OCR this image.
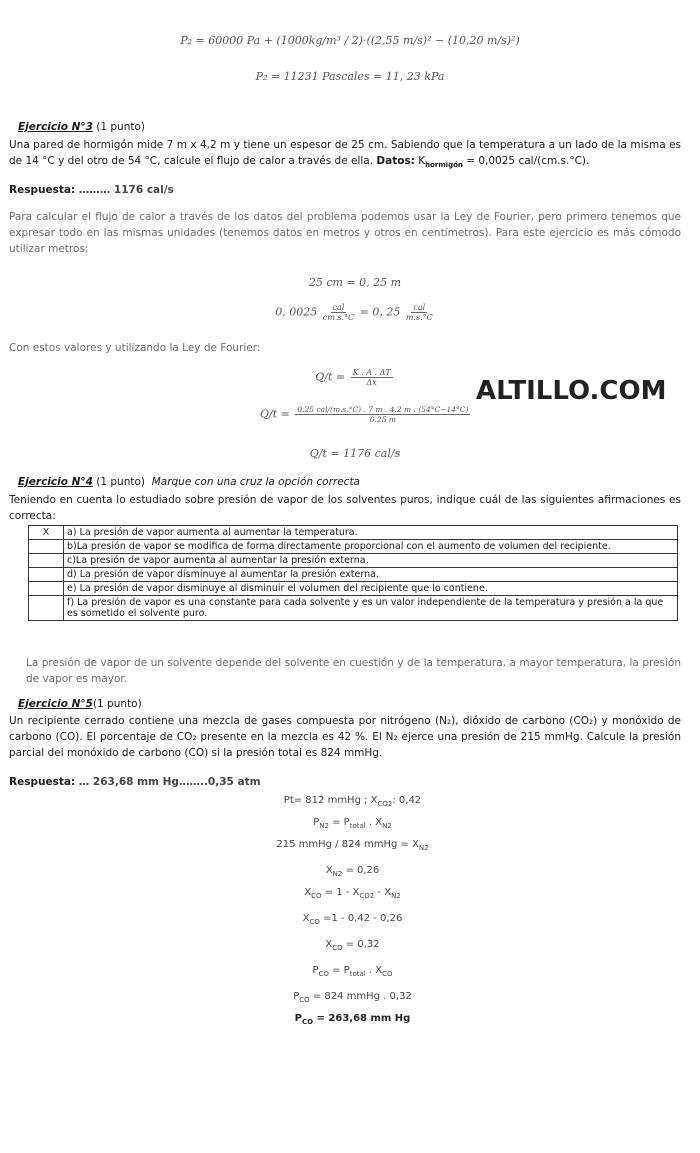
P₂ = 60000 Pa + (1000kg/m³ / 2)·((2,55 m/s)² − (10,20 m/s)²)
P₂ = 11231 Pascales = 11, 23 kPa
Ejercicio N°3 (1 punto)
Una pared de hormigón mide 7 m x 4,2 m y tiene un espesor de 25 cm. Sabiendo que la temperatura a un lado de la misma es de 14 °C y del otro de 54 °C, calcule el flujo de calor a través de ella. Datos: $K_{hormigón} = 0,0025$ cal/(cm.s.°C).
Respuesta: ……… 1176 cal/s
Para calcular el flujo de calor a través de los datos del problema podemos usar la Ley de Fourier, pero primero tenemos que expresar todo en las mismas unidades (tenemos datos en metros y otros en centímetros). Para este ejercicio es más cómodo utilizar metros:
25 cm = 0, 25 m
0, $0025 \frac{\text{cal}}{cm.s.^\circ C} = 0$, $25 \frac{\text{cal}}{m.s.^\circ C}$
Con estos valores y utilizando la Ley de Fourier:
$Q/t = \frac{K . A . \Delta T}{\Delta x}$	ALTILLO.COM
$Q/t = \frac{\text{0.25 cal/(m.s.°C) . 7 m . 4.2 m . (54°C−14°C)}}{0.25 m}$
Q/t = 1176 cal/s
Ejercicio N°4 (1 punto) Marque con una cruz la opción correcta
Teniendo en cuenta lo estudiado sobre presión de vapor de los solventes puros, indique cuál de las siguientes afirmaciones es correcta:
X	a) La presión de vapor aumenta al aumentar la temperatura.
	b)La presión de vapor se modifica de forma directamente proporcional con el aumento de volumen del recipiente.
	c)La presión de vapor aumenta al aumentar la presión externa.
	d) La presión de vapor disminuye al aumentar la presión externa.
	e) La presión de vapor disminuye al disminuir el volumen del recipiente que lo contiene.
	f) La presión de vapor es una constante para cada solvente y es un valor independiente de la temperatura y presión a la que es sometido el solvente puro.
La presión de vapor de un solvente depende del solvente en cuestión y de la temperatura, a mayor temperatura, la presión de vapor es mayor.
Ejercicio N°5(1 punto)
Un recipiente cerrado contiene una mezcla de gases compuesta por nitrógeno (N₂), dióxido de carbono (CO₂) y monóxido de carbono (CO). El porcentaje de CO₂ presente en la mezcla es 42 %. El N₂ ejerce una presión de 215 mmHg. Calcule la presión parcial del monóxido de carbono (CO) si la presión total es 824 mmHg.
Respuesta: … 263,68 mm Hg……..0,35 atm
Pt= 812 mmHg ; $X_{CO2}$: 0,42
$P_{N2} = P_{total}$ . $X_{N2}$
215 mmHg / 824 mmHg = $X_{N2}$
$X_{N2} = 0,26$
$X_{CO} = 1 - X_{CO2} - X_{N2}$
$X_{CO} =1 - 0,42 - 0,26$
$X_{CO} = 0,32$
$P_{CO} = P_{total}$ . $X_{CO}$
$P_{CO} = 824$ mmHg . 0,32
$P_{CO} = 263,68$ mm Hg
